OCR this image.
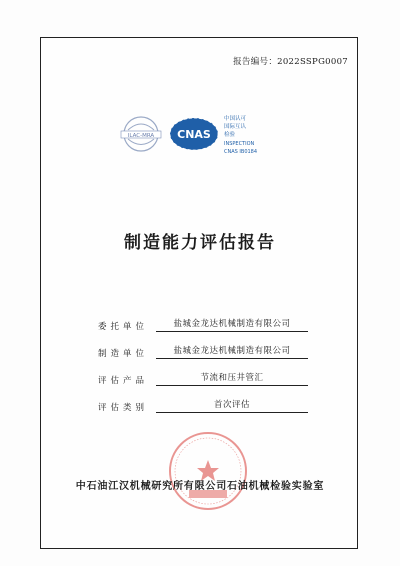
报告编号：2022SSPG0007
ILAC-MRA CNAS
中国认可
国际互认
检验
INSPECTION
CNAS IB0184
制造能力评估报告
委托单位	盐城金龙达机械制造有限公司
制造单位	盐城金龙达机械制造有限公司
评估产品	节流和压井管汇
评估类别	首次评估
中石油江汉机械研究所有限公司石油机械检验实验室
